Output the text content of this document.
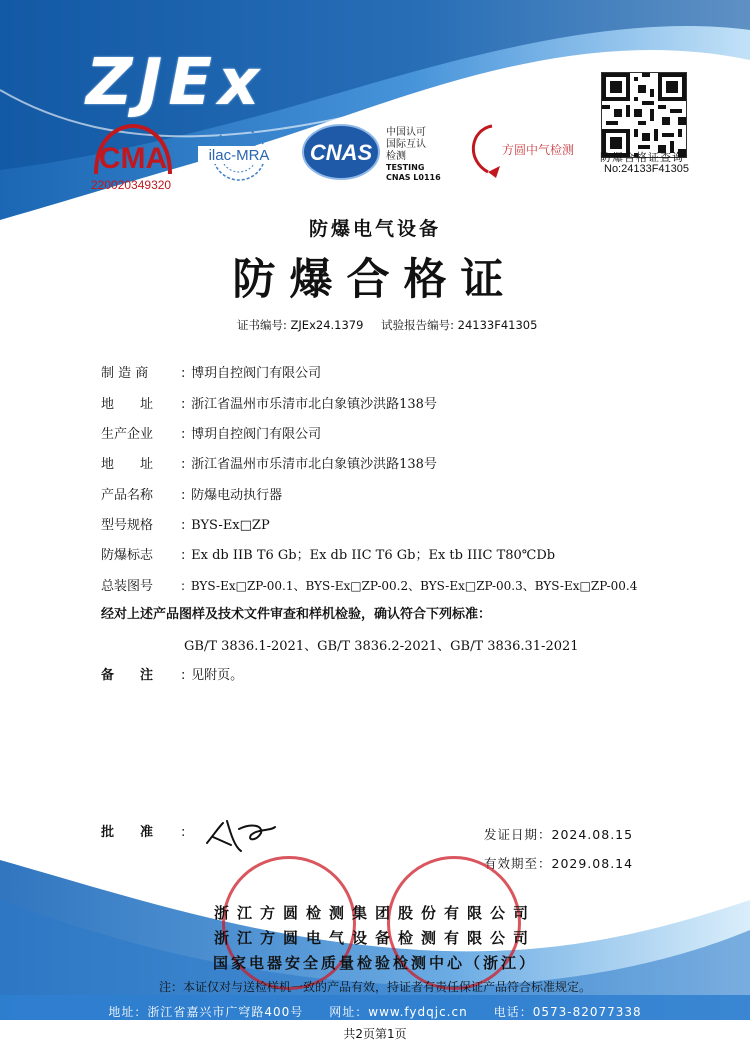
ZJEx
CMA
220020349320
ilac-MRA CNAS
中国认可
国际互认
检测
TESTING
CNAS L0116
方圆中气检测
防爆合格证查询
No:24133F41305
防爆电气设备
防爆合格证
证书编号: ZJEx24.1379 试验报告编号: 24133F41305
制 造 商	: 博玥自控阀门有限公司
地　　址 : 浙江省温州市乐清市北白象镇沙洪路138号
生产企业 : 博玥自控阀门有限公司
地　　址 : 浙江省温州市乐清市北白象镇沙洪路138号
产品名称 : 防爆电动执行器
型号规格 : BYS-Ex□ZP
防爆标志 : Ex db IIB T6 Gb；Ex db IIC T6 Gb；Ex tb IIIC T80℃Db
总装图号 : BYS-Ex□ZP-00.1、BYS-Ex□ZP-00.2、BYS-Ex□ZP-00.3、BYS-Ex□ZP-00.4
经对上述产品图样及技术文件审查和样机检验，确认符合下列标准：
GB/T 3836.1-2021、GB/T 3836.2-2021、GB/T 3836.31-2021
备　　注 : 见附页。
批　　准 :	发证日期：2024.08.15
有效期至：2029.08.14
浙江方圆检测集团股份有限公司
浙江方圆电气设备检测有限公司
国家电器安全质量检验检测中心（浙江）
注：本证仅对与送检样机一致的产品有效，持证者有责任保证产品符合标准规定。
地址：浙江省嘉兴市广穹路400号　　网址：www.fydqjc.cn　　电话：0573-82077338
共2页第1页
